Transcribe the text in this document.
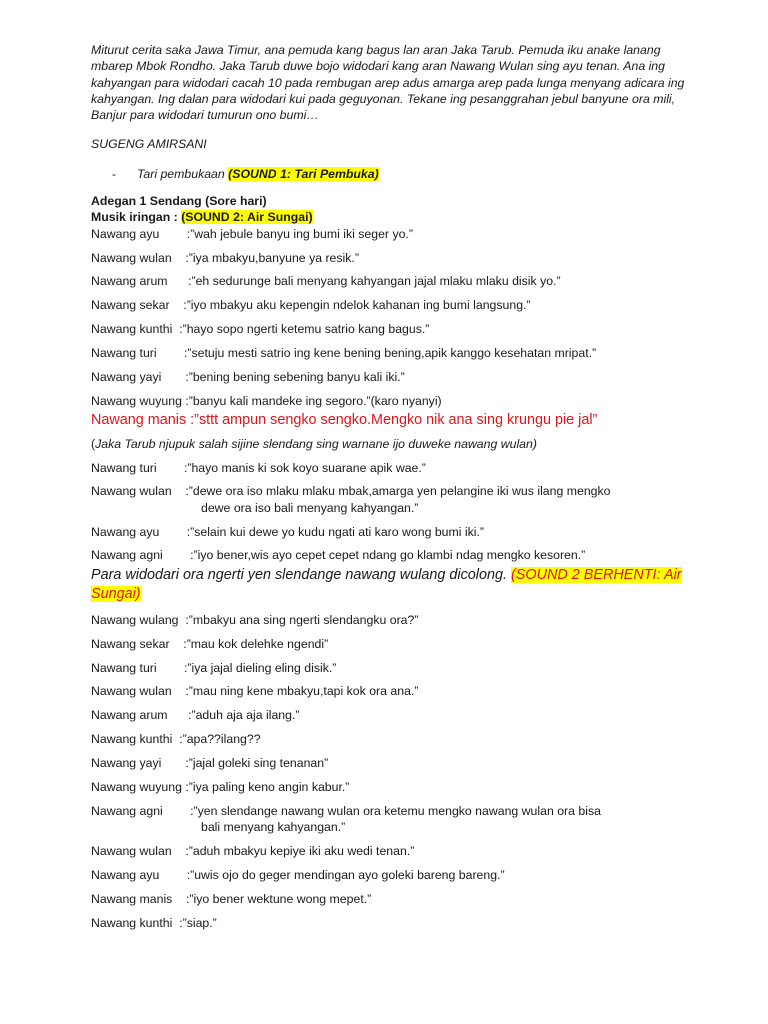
Miturut cerita saka Jawa Timur, ana pemuda kang bagus lan aran Jaka Tarub. Pemuda iku anake lanang mbarep Mbok Rondho. Jaka Tarub duwe bojo widodari kang aran Nawang Wulan sing ayu tenan. Ana ing kahyangan para widodari cacah 10 pada rembugan arep adus amarga arep pada lunga menyang adicara ing kahyangan. Ing dalan para widodari kui pada geguyonan. Tekane ing pesanggrahan jebul banyune ora mili, Banjur para widodari tumurun ono bumi…

SUGENG AMIRSANI
-	Tari pembukaan (SOUND 1: Tari Pembuka)
Adegan 1 Sendang (Sore hari)
Musik iringan : (SOUND 2: Air Sungai)
Nawang ayu :”wah jebule banyu ing bumi iki seger yo.”
Nawang wulan :”iya mbakyu,banyune ya resik.”
Nawang arum :”eh sedurunge bali menyang kahyangan jajal mlaku mlaku disik yo.”
Nawang sekar :”iyo mbakyu aku kepengin ndelok kahanan ing bumi langsung.”
Nawang kunthi :”hayo sopo ngerti ketemu satrio kang bagus.”
Nawang turi :”setuju mesti satrio ing kene bening bening,apik kanggo kesehatan mripat.”
Nawang yayi :”bening bening sebening banyu kali iki.”
Nawang wuyung :”banyu kali mandeke ing segoro.”(karo nyanyi)
Nawang manis :”sttt ampun sengko sengko.Mengko nik ana sing krungu pie jal”
(Jaka Tarub njupuk salah sijine slendang sing warnane ijo duweke nawang wulan)
Nawang turi :”hayo manis ki sok koyo suarane apik wae.”
Nawang wulan :”dewe ora iso mlaku mlaku mbak,amarga yen pelangine iki wus ilang mengko
dewe ora iso bali menyang kahyangan.”
Nawang ayu :”selain kui dewe yo kudu ngati ati karo wong bumi iki.”
Nawang agni :”iyo bener,wis ayo cepet cepet ndang go klambi ndag mengko kesoren.”
Para widodari ora ngerti yen slendange nawang wulang dicolong. (SOUND 2 BERHENTI: Air Sungai)
Nawang wulang :”mbakyu ana sing ngerti slendangku ora?”
Nawang sekar :”mau kok delehke ngendi”
Nawang turi :”iya jajal dieling eling disik.”
Nawang wulan :”mau ning kene mbakyu,tapi kok ora ana.”
Nawang arum :”aduh aja aja ilang.”
Nawang kunthi :”apa??ilang??
Nawang yayi :”jajal goleki sing tenanan”
Nawang wuyung :”iya paling keno angin kabur.”
Nawang agni :”yen slendange nawang wulan ora ketemu mengko nawang wulan ora bisa
bali menyang kahyangan.”
Nawang wulan :”aduh mbakyu kepiye iki aku wedi tenan.”
Nawang ayu :”uwis ojo do geger mendingan ayo goleki bareng bareng.”
Nawang manis :”iyo bener wektune wong mepet.”
Nawang kunthi :”siap.”
